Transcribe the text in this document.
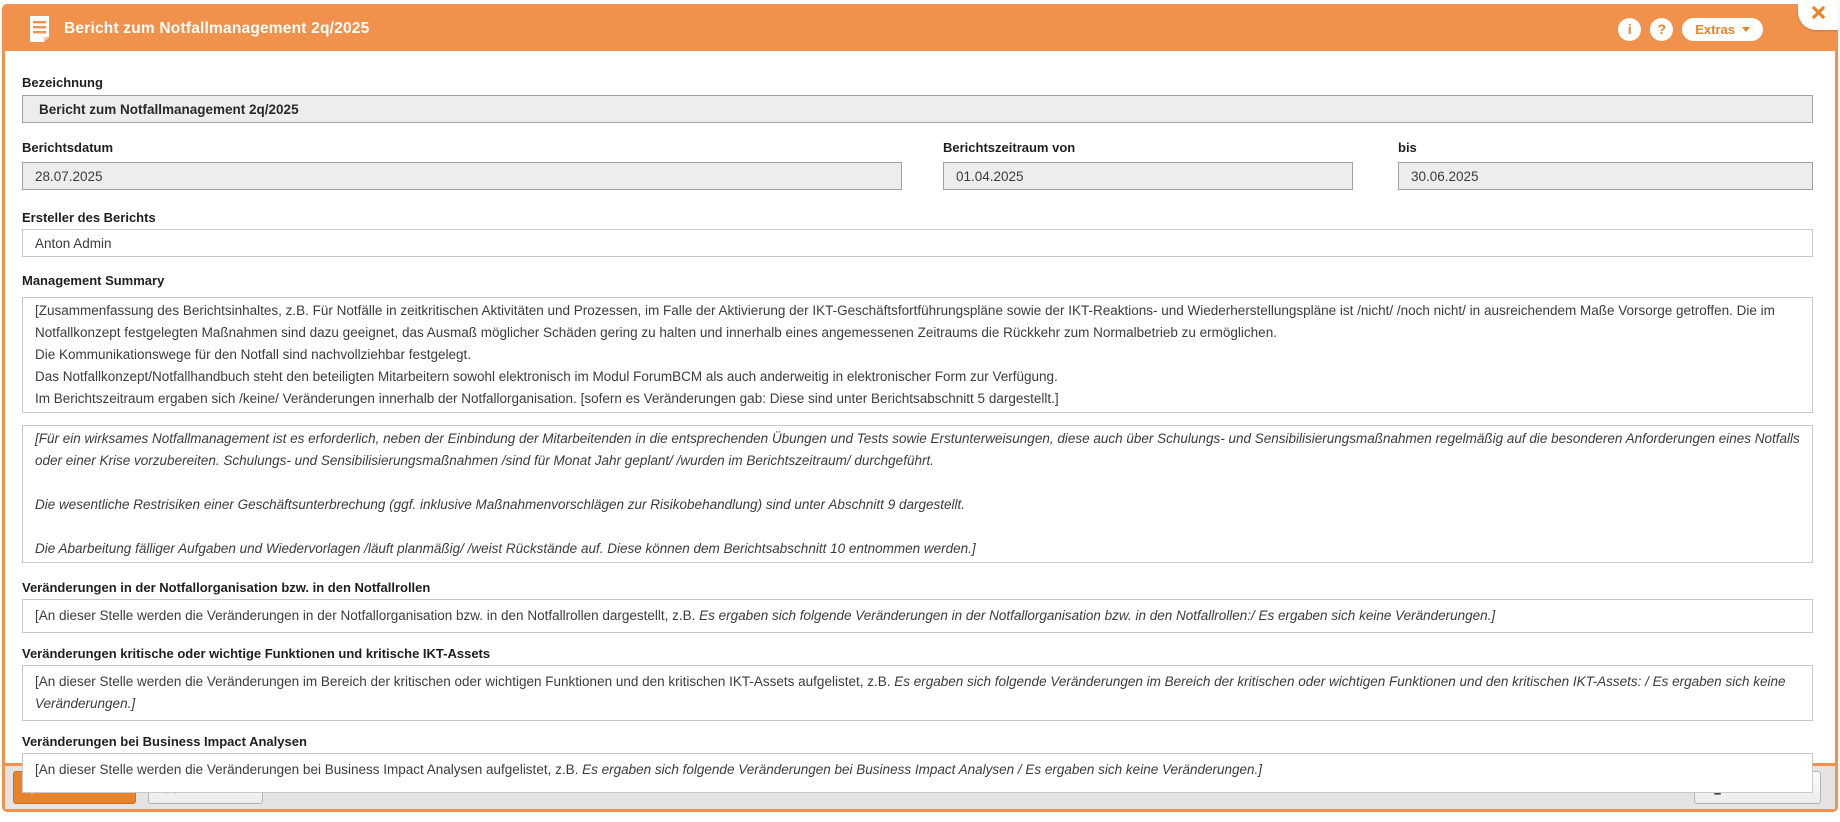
Bericht zum Notfallmanagement 2q/2025	i	?	Extras
Bezeichnung
Bericht zum Notfallmanagement 2q/2025
Berichtsdatum	Berichtszeitraum von	bis
28.07.2025	01.04.2025	30.06.2025
Ersteller des Berichts
Anton Admin
Management Summary
[Zusammenfassung des Berichtsinhaltes, z.B. Für Notfälle in zeitkritischen Aktivitäten und Prozessen, im Falle der Aktivierung der IKT-Geschäftsfortführungspläne sowie der IKT-Reaktions- und Wiederherstellungspläne ist /nicht/ /noch nicht/ in ausreichendem Maße Vorsorge getroffen. Die im Notfallkonzept festgelegten Maßnahmen sind dazu geeignet, das Ausmaß möglicher Schäden gering zu halten und innerhalb eines angemessenen Zeitraums die Rückkehr zum Normalbetrieb zu ermöglichen.
Die Kommunikationswege für den Notfall sind nachvollziehbar festgelegt.
Das Notfallkonzept/Notfallhandbuch steht den beteiligten Mitarbeitern sowohl elektronisch im Modul ForumBCM als auch anderweitig in elektronischer Form zur Verfügung.
Im Berichtszeitraum ergaben sich /keine/ Veränderungen innerhalb der Notfallorganisation. [sofern es Veränderungen gab: Diese sind unter Berichtsabschnitt 5 dargestellt.]
[Für ein wirksames Notfallmanagement ist es erforderlich, neben der Einbindung der Mitarbeitenden in die entsprechenden Übungen und Tests sowie Erstunterweisungen, diese auch über Schulungs- und Sensibilisierungsmaßnahmen regelmäßig auf die besonderen Anforderungen eines Notfalls oder einer Krise vorzubereiten. Schulungs- und Sensibilisierungsmaßnahmen /sind für Monat Jahr geplant/ /wurden im Berichtszeitraum/ durchgeführt.

Die wesentliche Restrisiken einer Geschäftsunterbrechung (ggf. inklusive Maßnahmenvorschlägen zur Risikobehandlung) sind unter Abschnitt 9 dargestellt.

Die Abarbeitung fälliger Aufgaben und Wiedervorlagen /läuft planmäßig/ /weist Rückstände auf. Diese können dem Berichtsabschnitt 10 entnommen werden.]
Veränderungen in der Notfallorganisation bzw. in den Notfallrollen
[An dieser Stelle werden die Veränderungen in der Notfallorganisation bzw. in den Notfallrollen dargestellt, z.B. Es ergaben sich folgende Veränderungen in der Notfallorganisation bzw. in den Notfallrollen:/ Es ergaben sich keine Veränderungen.]
Veränderungen kritische oder wichtige Funktionen und kritische IKT-Assets
[An dieser Stelle werden die Veränderungen im Bereich der kritischen oder wichtigen Funktionen und den kritischen IKT-Assets aufgelistet, z.B. Es ergaben sich folgende Veränderungen im Bereich der kritischen oder wichtigen Funktionen und den kritischen IKT-Assets: / Es ergaben sich keine Veränderungen.]
Veränderungen bei Business Impact Analysen
[An dieser Stelle werden die Veränderungen bei Business Impact Analysen aufgelistet, z.B. Es ergaben sich folgende Veränderungen bei Business Impact Analysen / Es ergaben sich keine Veränderungen.]
